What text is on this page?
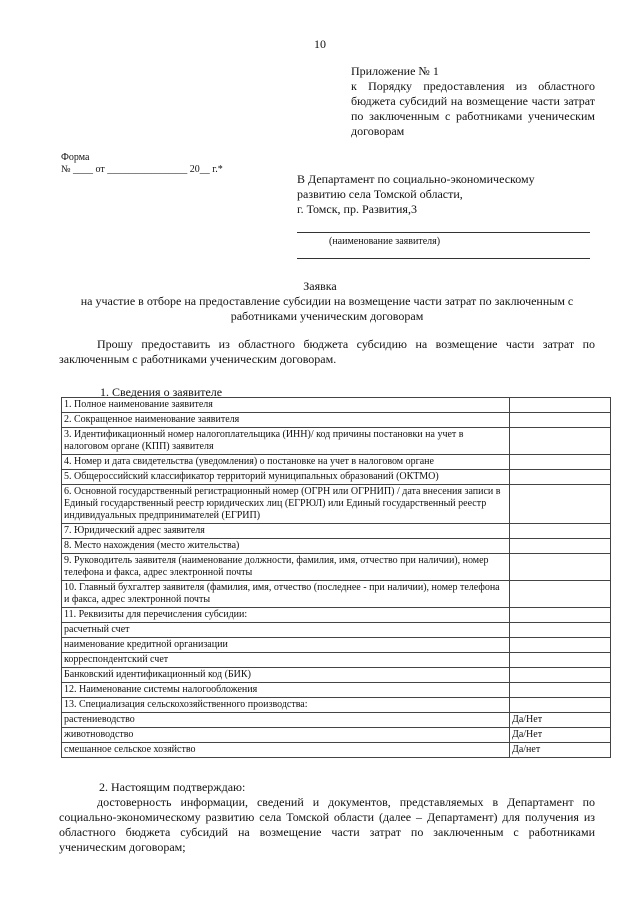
10
Приложение № 1
к Порядку предоставления из областного бюджета субсидий на возмещение части затрат по заключенным с работниками ученическим договорам
Форма
№ ____ от ________________ 20__ г.*
В Департамент по социально-экономическому
развитию села Томской области,
г. Томск, пр. Развития,3
(наименование заявителя)
Заявка
на участие в отборе на предоставление субсидии на возмещение части затрат по заключенным с работниками ученическим договорам
Прошу предоставить из областного бюджета субсидию на возмещение части затрат по заключенным с работниками ученическим договорам.
1. Сведения о заявителе
1. Полное наименование заявителя	
2. Сокращенное наименование заявителя	
3. Идентификационный номер налогоплательщика (ИНН)/ код причины постановки на учет в налоговом органе (КПП) заявителя	
4. Номер и дата свидетельства (уведомления) о постановке на учет в налоговом органе	
5. Общероссийский классификатор территорий муниципальных образований (ОКТМО)	
6. Основной государственный регистрационный номер (ОГРН или ОГРНИП) / дата внесения записи в Единый государственный реестр юридических лиц (ЕГРЮЛ) или Единый государственный реестр индивидуальных предпринимателей (ЕГРИП)	
7. Юридический адрес заявителя	
8. Место нахождения (место жительства)	
9. Руководитель заявителя (наименование должности, фамилия, имя, отчество при наличии), номер телефона и факса, адрес электронной почты	
10. Главный бухгалтер заявителя (фамилия, имя, отчество (последнее - при наличии), номер телефона и факса, адрес электронной почты	
11. Реквизиты для перечисления субсидии:	
расчетный счет	
наименование кредитной организации	
корреспондентский счет	
Банковский идентификационный код (БИК)	
12. Наименование системы налогообложения	
13. Специализация сельскохозяйственного производства:	
растениеводство	Да/Нет
животноводство	Да/Нет
смешанное сельское хозяйство	Да/нет
2. Настоящим подтверждаю:
достоверность информации, сведений и документов, представляемых в Департамент по социально-экономическому развитию села Томской области (далее – Департамент) для получения из областного бюджета субсидий на возмещение части затрат по заключенным с работниками ученическим договорам;
